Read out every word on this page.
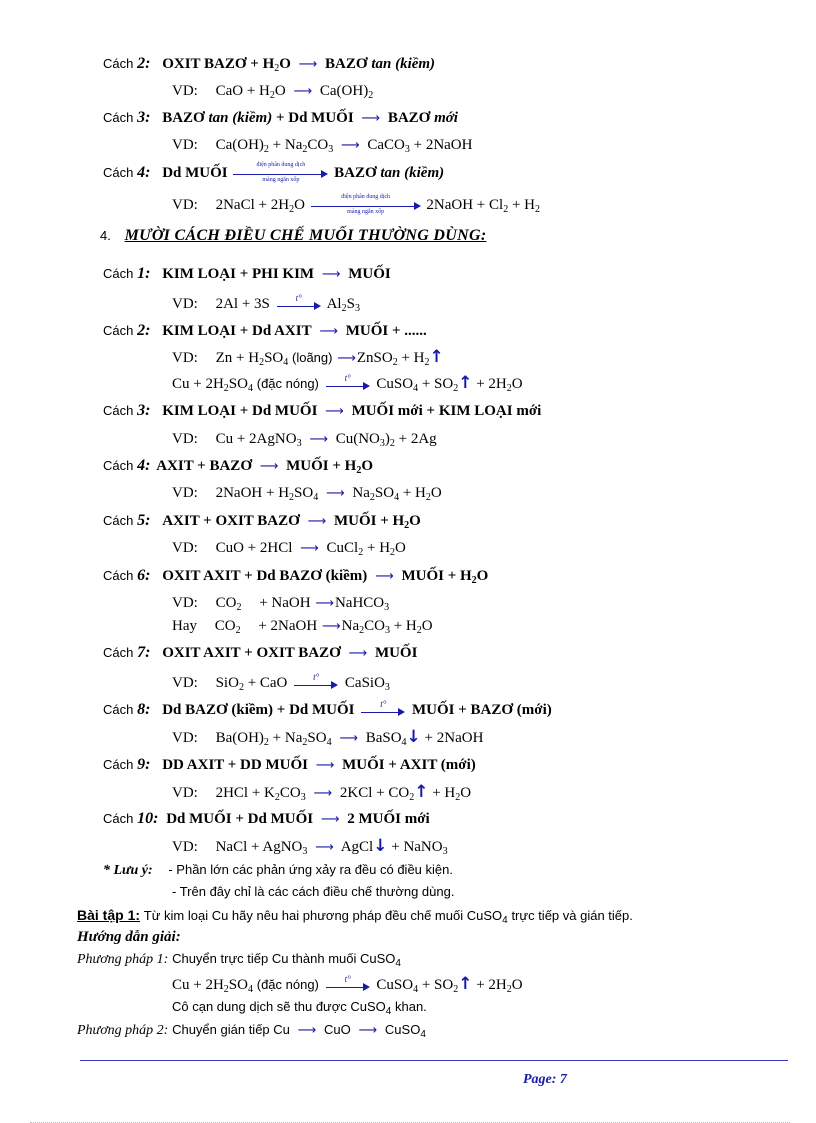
Cách 2: OXIT BAZƠ + $H_2O$ ⟶ BAZƠ tan (kiềm)
VD: CaO + $H_2O$ ⟶ $Ca(OH)_2$
Cách 3: BAZƠ tan (kiềm) + Dd MUỐI ⟶ BAZƠ mới
VD: $Ca(OH)_2 + Na_2CO_3$ ⟶ CaCO$_3$ + 2NaOH
Cách 4: Dd MUỐI
điện phân dung dịch
màng ngăn xốp	BAZƠ tan (kiềm)
VD: 2NaCl + $2H_2O$
điện phân dung dịch
màng ngăn xốp	2NaOH + $Cl_2 + H_2$
4. MƯỜI CÁCH ĐIỀU CHẾ MUỐI THƯỜNG DÙNG:
Cách 1: KIM LOẠI + PHI KIM ⟶ MUỐI
VD: 2Al + 3S	t°	$Al_2S_3$
Cách 2: KIM LOẠI + Dd AXIT ⟶ MUỐI + ......
VD: $Zn + H_2SO_4$ (loãng) ⟶ZnSO$_2$ + $H_2↑$
$Cu + 2H_2SO_4$ (đặc nóng)	t°	CuSO$_4$ + $SO_2↑ + 2H_2O$
Cách 3: KIM LOẠI + Dd MUỐI ⟶ MUỐI mới + KIM LOẠI mới
VD: Cu + 2AgNO$_3$ ⟶ $Cu(NO_3)_2 + 2Ag$
Cách 4: AXIT + BAZƠ ⟶ MUỐI + $H_2O$
VD: 2NaOH + $H_2SO_4$ ⟶ $Na_2SO_4 + H_2O$
Cách 5: AXIT + OXIT BAZƠ ⟶ MUỐI + $H_2O$
VD: CuO + 2HCl ⟶ CuCl$_2$ + $H_2O$
Cách 6: OXIT AXIT + Dd BAZƠ (kiềm) ⟶ MUỐI + $H_2O$
VD: $CO_2$ + NaOH ⟶NaHCO$_3$
Hay $CO_2$ + 2NaOH $⟶Na_2CO_3 + H_2O$
Cách 7: OXIT AXIT + OXIT BAZƠ ⟶ MUỐI
VD: SiO$_2$ + CaO	t°	CaSiO$_3$
Cách 8: Dd BAZƠ (kiềm) + Dd MUỐI	t°	MUỐI + BAZƠ (mới)
VD: $Ba(OH)_2 + Na_2SO_4$ ⟶ BaSO$_4$↓ + 2NaOH
Cách 9: DD AXIT + DD MUỐI ⟶ MUỐI + AXIT (mới)
VD: $2HCl + K_2CO_3$ ⟶ $2KCl + CO_2↑ + H_2O$
Cách 10: Dd MUỐI + Dd MUỐI ⟶ 2 MUỐI mới
VD: NaCl + AgNO$_3$ ⟶ AgCl↓ + NaNO$_3$
* Lưu ý: - Phần lớn các phản ứng xảy ra đều có điều kiện.
- Trên đây chỉ là các cách điều chế thường dùng.
Bài tập 1: Từ kim loại Cu hãy nêu hai phương pháp đều chế muối CuSO$_4$ trực tiếp và gián tiếp.
Hướng dẫn giải:
Phương pháp 1: Chuyển trực tiếp Cu thành muối CuSO$_4$
$Cu + 2H_2SO_4$ (đặc nóng)	t°	CuSO$_4$ + $SO_2↑ + 2H_2O$
Cô cạn dung dịch sẽ thu được CuSO$_4$ khan.
Phương pháp 2: Chuyển gián tiếp Cu ⟶ CuO ⟶ CuSO$_4$
Page: 7
